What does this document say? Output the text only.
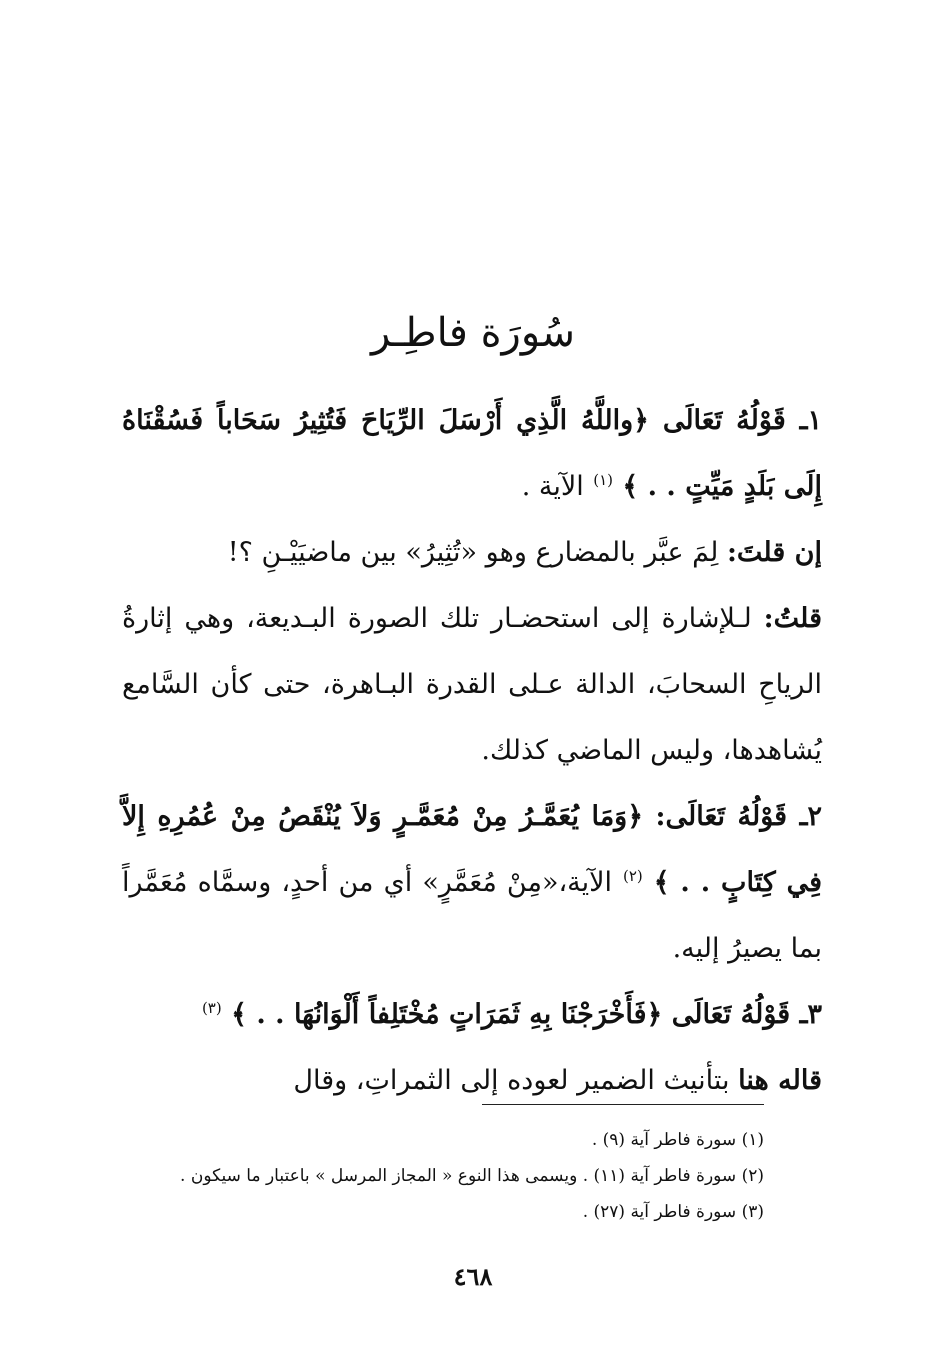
سُورَة فاطِـر

١ـ قَوْلُهُ تَعَالَى ﴿واللَّهُ الَّذِي أَرْسَلَ الرِّيَاحَ فَتُثِيرُ سَحَاباً فَسُقْنَاهُ إِلَى بَلَدٍ مَيِّتٍ . . ﴾ $^{(١)}$ الآية .

إن قلتَ: لِمَ عبَّر بالمضارع وهو «تُثِيرُ» بين ماضيَيْـنِ ؟!

قلتُ: لـلإشارة إلى استحضـار تلك الصورة البـديعة، وهي إثارةُ الرياحِ السحابَ، الدالة عـلى القدرة البـاهرة، حتى كأن السَّامع يُشاهدها، وليس الماضي كذلك.

٢ـ قَوْلُهُ تَعَالَى: ﴿وَمَا يُعَمَّـرُ مِنْ مُعَمَّـرٍ وَلاَ يُنْقَصُ مِنْ عُمُرِهِ إِلاَّ فِي كِتَابٍ . . ﴾ $^{(٢)}$ الآية،«مِنْ مُعَمَّرٍ» أي من أحدٍ، وسمَّاه مُعَمَّراً بما يصيرُ إليه.

٣ـ قَوْلُهُ تَعَالَى ﴿فَأَخْرَجْنَا بِهِ ثَمَرَاتٍ مُخْتَلِفاً أَلْوَانُهَا . . ﴾ $^{(٣)}$

قاله هنا بتأنيث الضمير لعوده إلى الثمراتِ، وقال

(١) سورة فاطر آية (٩) .
(٢) سورة فاطر آية (١١) . ويسمى هذا النوع « المجاز المرسل » باعتبار ما سيكون .
(٣) سورة فاطر آية (٢٧) .
٤٦٨
